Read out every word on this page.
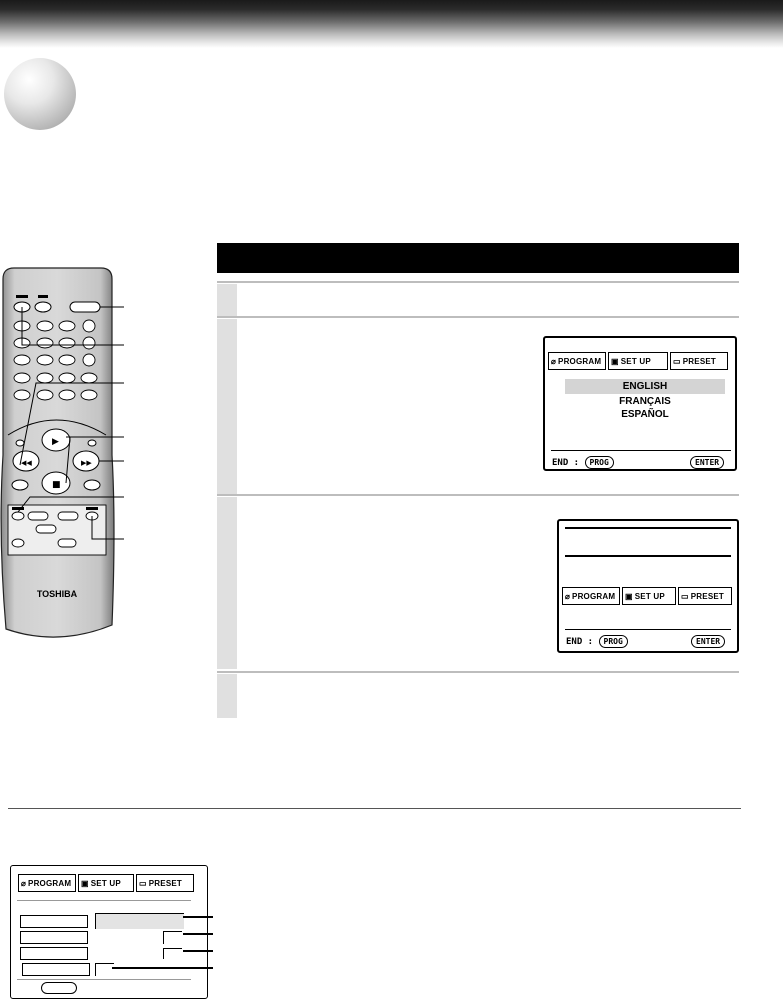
▶
◀◀	▶▶
■
TOSHIBA
⌀ PROGRAM ▣ SET UP	▭ PRESET
ENGLISH
FRANÇAIS
ESPAÑOL
END : PROG	ENTER
⌀ PROGRAM ▣ SET UP ▭ PRESET
END : PROG	ENTER
⌀ PROGRAM ▣ SET UP ▭ PRESET
